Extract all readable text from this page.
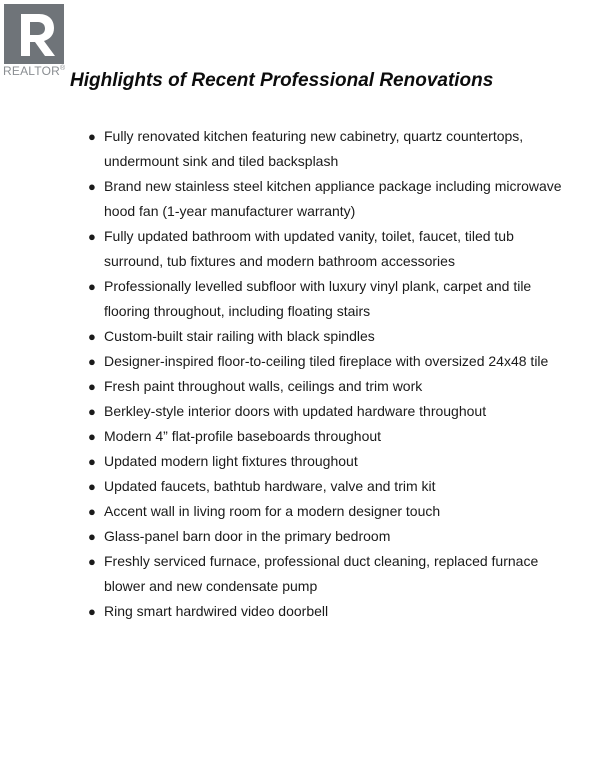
REALTOR®
Highlights of Recent Professional Renovations
● Fully renovated kitchen featuring new cabinetry, quartz countertops, undermount sink and tiled backsplash
● Brand new stainless steel kitchen appliance package including microwave hood fan (1-year manufacturer warranty)
● Fully updated bathroom with updated vanity, toilet, faucet, tiled tub surround, tub fixtures and modern bathroom accessories
● Professionally levelled subfloor with luxury vinyl plank, carpet and tile flooring throughout, including floating stairs
● Custom-built stair railing with black spindles
● Designer-inspired floor-to-ceiling tiled fireplace with oversized 24x48 tile
● Fresh paint throughout walls, ceilings and trim work
● Berkley-style interior doors with updated hardware throughout
● Modern 4” flat-profile baseboards throughout
● Updated modern light fixtures throughout
● Updated faucets, bathtub hardware, valve and trim kit
● Accent wall in living room for a modern designer touch
● Glass-panel barn door in the primary bedroom
● Freshly serviced furnace, professional duct cleaning, replaced furnace blower and new condensate pump
● Ring smart hardwired video doorbell
